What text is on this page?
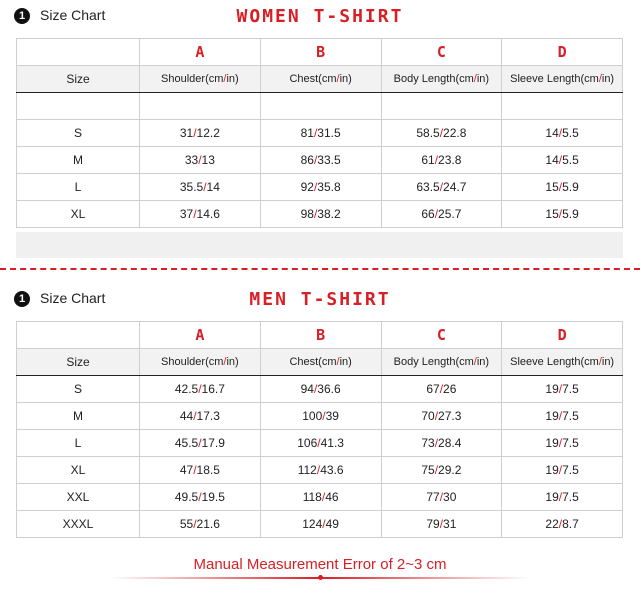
1	Size Chart	WOMEN T-SHIRT
	A	B	C	D
Size	Shoulder(cm/in)	Chest(cm/in)	Body Length(cm/in)	Sleeve Length(cm/in)

S	31/12.2	81/31.5	58.5/22.8	14/5.5
M	33/13	86/33.5	61/23.8	14/5.5
L	35.5/14	92/35.8	63.5/24.7	15/5.9
XL	37/14.6	98/38.2	66/25.7	15/5.9
1	Size Chart	MEN T-SHIRT
	A	B	C	D
Size	Shoulder(cm/in)	Chest(cm/in)	Body Length(cm/in)	Sleeve Length(cm/in)
S	42.5/16.7	94/36.6	67/26	19/7.5
M	44/17.3	100/39	70/27.3	19/7.5
L	45.5/17.9	106/41.3	73/28.4	19/7.5
XL	47/18.5	112/43.6	75/29.2	19/7.5
XXL	49.5/19.5	118/46	77/30	19/7.5
XXXL	55/21.6	124/49	79/31	22/8.7
Manual Measurement Error of 2~3 cm
